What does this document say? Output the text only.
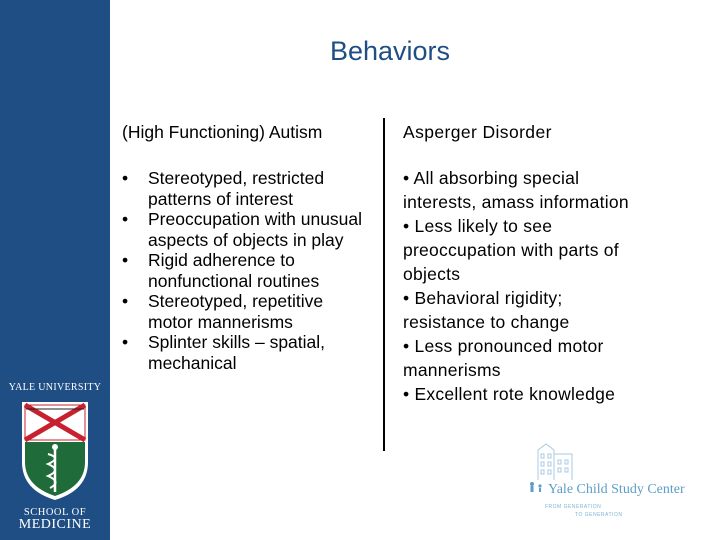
YALE UNIVERSITY
SCHOOL OF
MEDICINE
Behaviors
(High Functioning) Autism	Asperger Disorder
• Stereotyped, restricted patterns of interest
• Preoccupation with unusual aspects of objects in play
• Rigid adherence to nonfunctional routines
• Stereotyped, repetitive motor mannerisms
• Splinter skills – spatial, mechanical
• All absorbing special
interests, amass information
• Less likely to see
preoccupation with parts of
objects
• Behavioral rigidity;
resistance to change
• Less pronounced motor
mannerisms
• Excellent rote knowledge
Yale Child Study Center
FROM GENERATION
TO GENERATION
